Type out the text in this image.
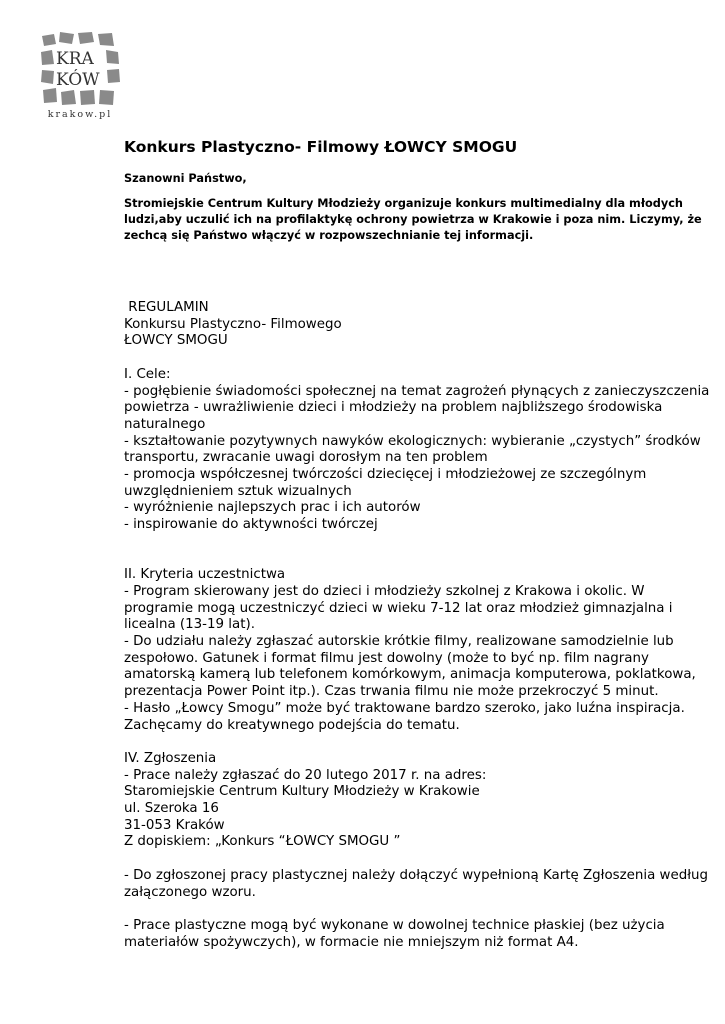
KRA
KÓW
krakow.pl
Konkurs Plastyczno- Filmowy ŁOWCY SMOGU

Szanowni Państwo,

Stromiejskie Centrum Kultury Młodzieży organizuje konkurs multimedialny dla młodych ludzi,aby uczulić ich na profilaktykę ochrony powietrza w Krakowie i poza nim. Liczymy, że zechcą się Państwo włączyć w rozpowszechnianie tej informacji.

REGULAMIN

Konkursu Plastyczno- Filmowego

ŁOWCY SMOGU

I. Cele:

- pogłębienie świadomości społecznej na temat zagrożeń płynących z zanieczyszczenia powietrza - uwrażliwienie dzieci i młodzieży na problem najbliższego środowiska naturalnego

- kształtowanie pozytywnych nawyków ekologicznych: wybieranie „czystych” środków transportu, zwracanie uwagi dorosłym na ten problem

- promocja współczesnej twórczości dziecięcej i młodzieżowej ze szczególnym uwzględnieniem sztuk wizualnych

- wyróżnienie najlepszych prac i ich autorów

- inspirowanie do aktywności twórczej

II. Kryteria uczestnictwa

- Program skierowany jest do dzieci i młodzieży szkolnej z Krakowa i okolic. W programie mogą uczestniczyć dzieci w wieku 7-12 lat oraz młodzież gimnazjalna i licealna (13-19 lat).

- Do udziału należy zgłaszać autorskie krótkie filmy, realizowane samodzielnie lub zespołowo. Gatunek i format filmu jest dowolny (może to być np. film nagrany amatorską kamerą lub telefonem komórkowym, animacja komputerowa, poklatkowa, prezentacja Power Point itp.). Czas trwania filmu nie może przekroczyć 5 minut.

- Hasło „Łowcy Smogu” może być traktowane bardzo szeroko, jako luźna inspiracja. Zachęcamy do kreatywnego podejścia do tematu.

IV. Zgłoszenia

- Prace należy zgłaszać do 20 lutego 2017 r. na adres:

Staromiejskie Centrum Kultury Młodzieży w Krakowie

ul. Szeroka 16

31-053 Kraków

Z dopiskiem: „Konkurs “ŁOWCY SMOGU ”

- Do zgłoszonej pracy plastycznej należy dołączyć wypełnioną Kartę Zgłoszenia według załączonego wzoru.

- Prace plastyczne mogą być wykonane w dowolnej technice płaskiej (bez użycia materiałów spożywczych), w formacie nie mniejszym niż format A4.
